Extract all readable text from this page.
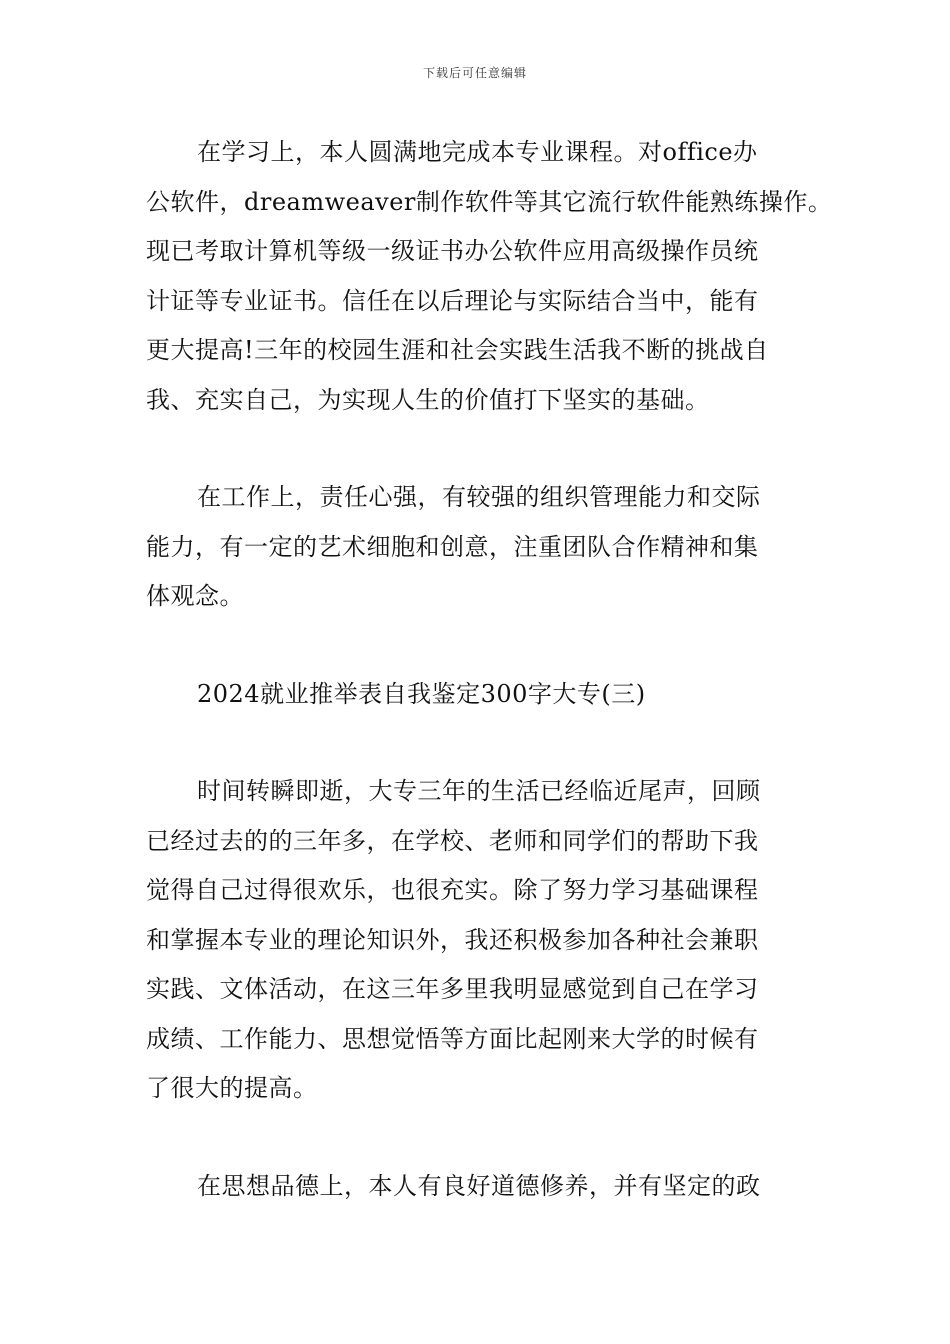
下载后可任意编辑
在学习上，本人圆满地完成本专业课程。对office办
公软件，dreamweaver制作软件等其它流行软件能熟练操作。
现已考取计算机等级一级证书办公软件应用高级操作员统
计证等专业证书。信任在以后理论与实际结合当中，能有
更大提高!三年的校园生涯和社会实践生活我不断的挑战自
我、充实自己，为实现人生的价值打下坚实的基础。
在工作上，责任心强，有较强的组织管理能力和交际
能力，有一定的艺术细胞和创意，注重团队合作精神和集
体观念。
2024就业推举表自我鉴定300字大专(三)
时间转瞬即逝，大专三年的生活已经临近尾声，回顾
已经过去的的三年多，在学校、老师和同学们的帮助下我
觉得自己过得很欢乐，也很充实。除了努力学习基础课程
和掌握本专业的理论知识外，我还积极参加各种社会兼职
实践、文体活动，在这三年多里我明显感觉到自己在学习
成绩、工作能力、思想觉悟等方面比起刚来大学的时候有
了很大的提高。
在思想品德上，本人有良好道德修养，并有坚定的政
